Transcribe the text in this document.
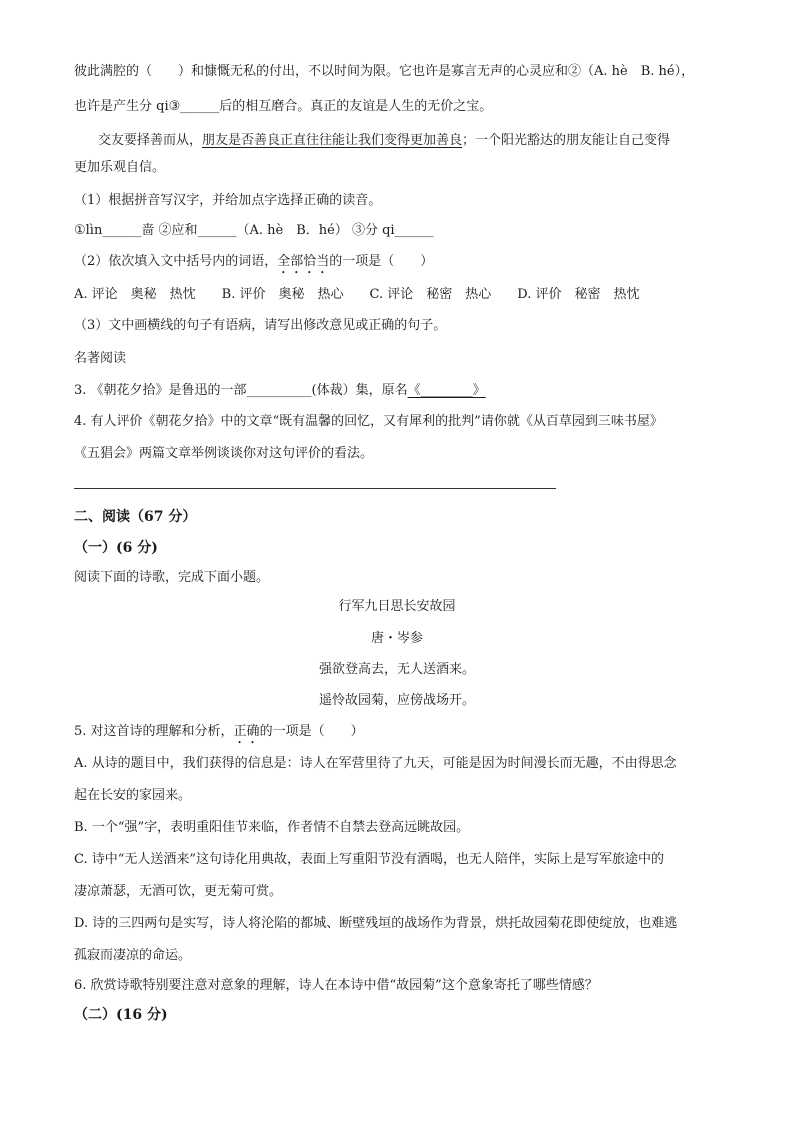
彼此满腔的（　　）和慷慨无私的付出，不以时间为限。它也许是寡言无声的心灵应和②（A. hè　B. hé），
也许是产生分 qi③______后的相互磨合。真正的友谊是人生的无价之宝。
交友要择善而从，朋友是否善良正直往往能让我们变得更加善良；一个阳光豁达的朋友能让自己变得
更加乐观自信。
（1）根据拼音写汉字，并给加点字选择正确的读音。
①lìn______啬 ②应和______（A. hè　B．hé） ③分 qi______
（2）依次填入文中括号内的词语，全部恰当的一项是（　　）
A. 评论　奥秘　热忱 B. 评价　奥秘　热心 C. 评论　秘密　热心 D. 评价　秘密　热忱
（3）文中画横线的句子有语病，请写出修改意见或正确的句子。
名著阅读
3. 《朝花夕拾》是鲁迅的一部__________(体裁）集，原名《________》
4. 有人评价《朝花夕拾》中的文章“既有温馨的回忆，又有犀利的批判”请你就《从百草园到三味书屋》
《五猖会》两篇文章举例谈谈你对这句评价的看法。
二、阅读（67 分）
（一）(6 分)
阅读下面的诗歌，完成下面小题。
行军九日思长安故园
唐・岑参
强欲登高去，无人送酒来。
遥怜故园菊，应傍战场开。
5. 对这首诗的理解和分析，正确的一项是（　　）
A. 从诗的题目中，我们获得的信息是：诗人在军营里待了九天，可能是因为时间漫长而无趣，不由得思念
起在长安的家园来。
B. 一个“强”字，表明重阳佳节来临，作者情不自禁去登高远眺故园。
C. 诗中“无人送酒来”这句诗化用典故，表面上写重阳节没有酒喝，也无人陪伴，实际上是写军旅途中的
凄凉萧瑟，无酒可饮，更无菊可赏。
D. 诗的三四两句是实写，诗人将沦陷的都城、断壁残垣的战场作为背景，烘托故园菊花即使绽放，也难逃
孤寂而凄凉的命运。
6. 欣赏诗歌特别要注意对意象的理解，诗人在本诗中借“故园菊”这个意象寄托了哪些情感？
（二）(16 分)
